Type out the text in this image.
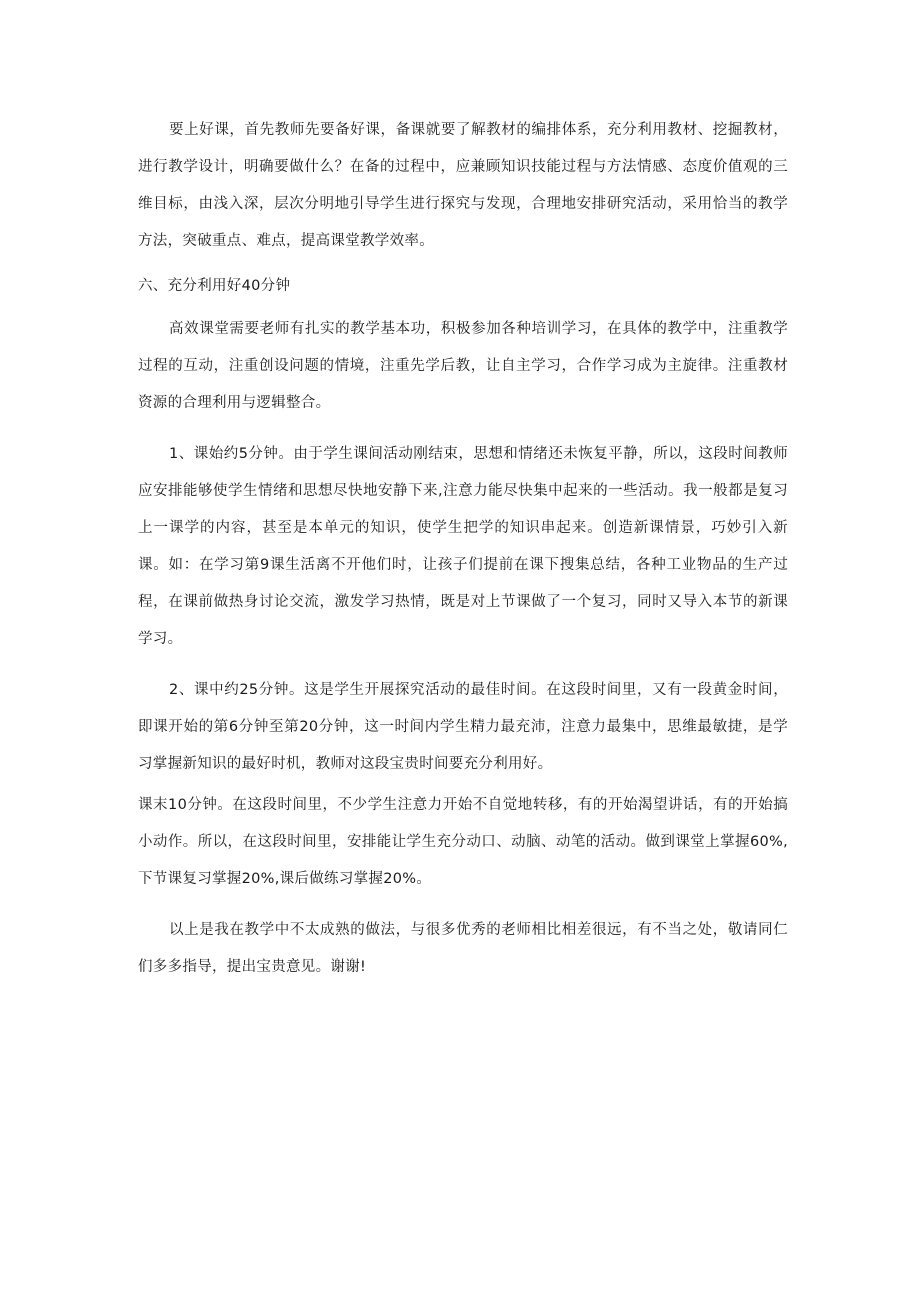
要上好课，首先教师先要备好课，备课就要了解教材的编排体系，充分利用教材、挖掘教材，进行教学设计，明确要做什么？在备的过程中，应兼顾知识技能过程与方法情感、态度价值观的三维目标，由浅入深，层次分明地引导学生进行探究与发现，合理地安排研究活动，采用恰当的教学方法，突破重点、难点，提高课堂教学效率。

六、充分利用好40分钟

高效课堂需要老师有扎实的教学基本功，积极参加各种培训学习，在具体的教学中，注重教学过程的互动，注重创设问题的情境，注重先学后教，让自主学习，合作学习成为主旋律。注重教材资源的合理利用与逻辑整合。

1、课始约5分钟。由于学生课间活动刚结束，思想和情绪还未恢复平静，所以，这段时间教师应安排能够使学生情绪和思想尽快地安静下来,注意力能尽快集中起来的一些活动。我一般都是复习上一课学的内容，甚至是本单元的知识，使学生把学的知识串起来。创造新课情景，巧妙引入新课。如：在学习第9课生活离不开他们时，让孩子们提前在课下搜集总结，各种工业物品的生产过程，在课前做热身讨论交流，激发学习热情，既是对上节课做了一个复习，同时又导入本节的新课学习。

2、课中约25分钟。这是学生开展探究活动的最佳时间。在这段时间里，又有一段黄金时间，即课开始的第6分钟至第20分钟，这一时间内学生精力最充沛，注意力最集中，思维最敏捷，是学习掌握新知识的最好时机，教师对这段宝贵时间要充分利用好。

课末10分钟。在这段时间里，不少学生注意力开始不自觉地转移，有的开始渴望讲话，有的开始搞小动作。所以，在这段时间里，安排能让学生充分动口、动脑、动笔的活动。做到课堂上掌握60%,下节课复习掌握20%,课后做练习掌握20%。

以上是我在教学中不太成熟的做法，与很多优秀的老师相比相差很远，有不当之处，敬请同仁们多多指导，提出宝贵意见。谢谢!
